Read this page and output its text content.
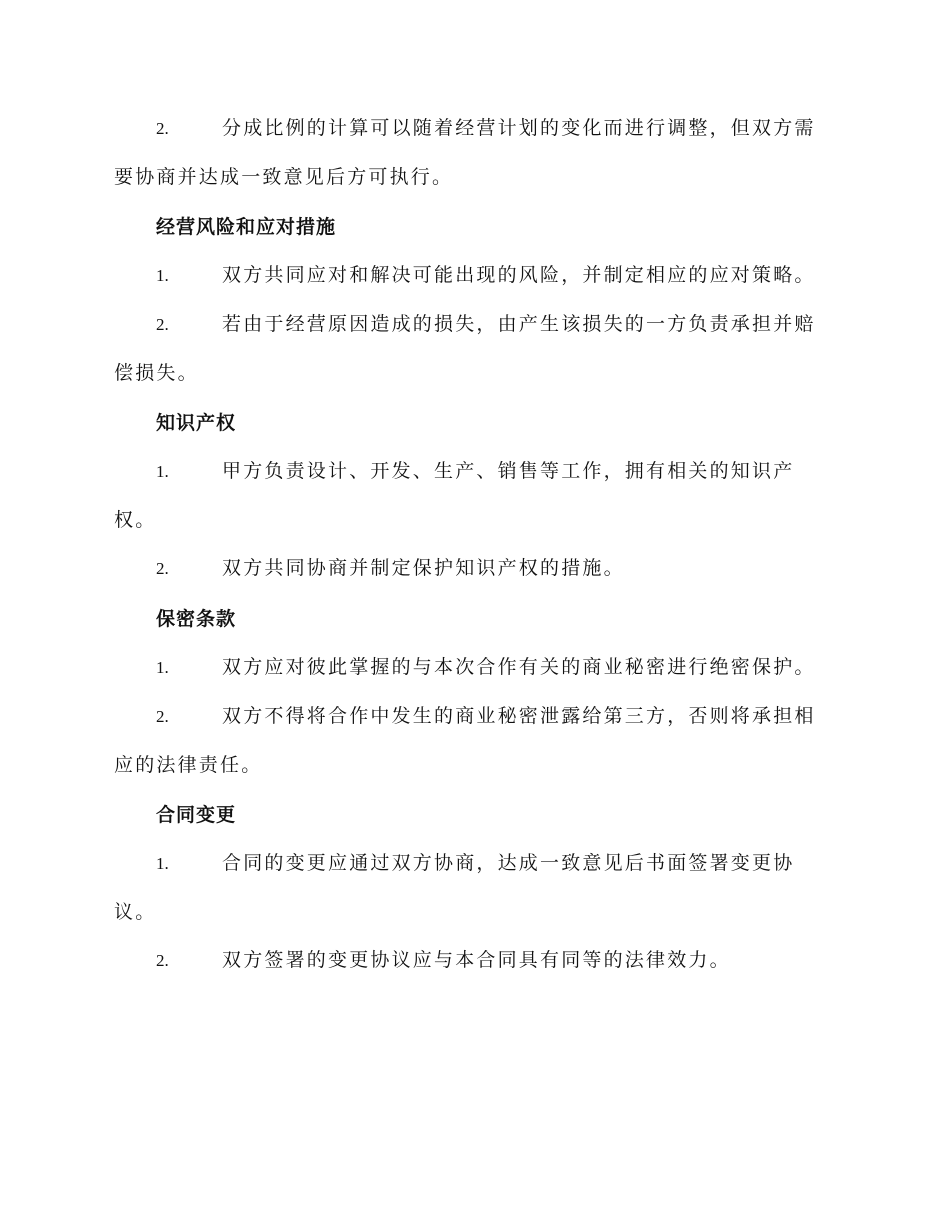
2.	分成比例的计算可以随着经营计划的变化而进行调整，但双方需要协商并达成一致意见后方可执行。

经营风险和应对措施

1.	双方共同应对和解决可能出现的风险，并制定相应的应对策略。

2.	若由于经营原因造成的损失，由产生该损失的一方负责承担并赔偿损失。

知识产权

1.	甲方负责设计、开发、生产、销售等工作，拥有相关的知识产权。

2.	双方共同协商并制定保护知识产权的措施。

保密条款

1.	双方应对彼此掌握的与本次合作有关的商业秘密进行绝密保护。

2.	双方不得将合作中发生的商业秘密泄露给第三方，否则将承担相应的法律责任。

合同变更

1.	合同的变更应通过双方协商，达成一致意见后书面签署变更协议。

2.	双方签署的变更协议应与本合同具有同等的法律效力。
